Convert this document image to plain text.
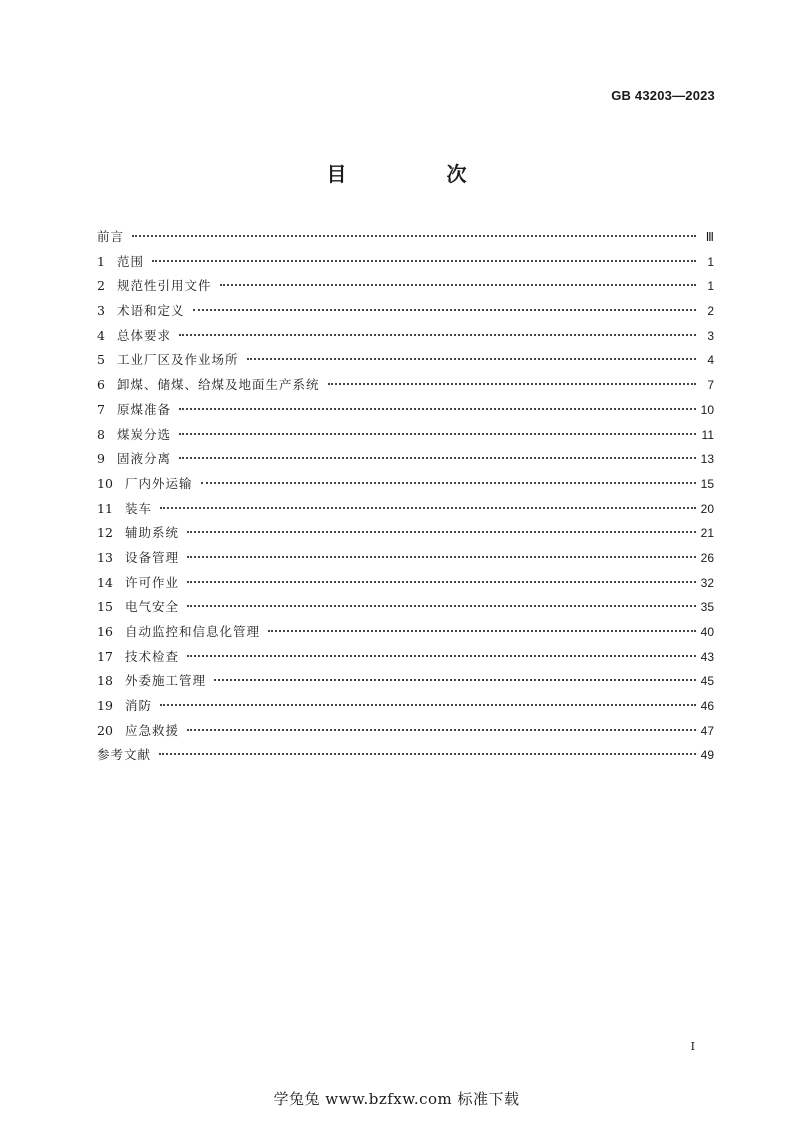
GB 43203—2023
目　次
前言	Ⅲ
1 范围	1
2 规范性引用文件	1
3 术语和定义	2
4 总体要求	3
5 工业厂区及作业场所	4
6 卸煤、储煤、给煤及地面生产系统	7
7 原煤准备	10
8 煤炭分选	11
9 固液分离	13
10 厂内外运输	15
11 装车	20
12 辅助系统	21
13 设备管理	26
14 许可作业	32
15 电气安全	35
16 自动监控和信息化管理	40
17 技术检查	43
18 外委施工管理	45
19 消防	46
20 应急救援	47
参考文献	49
I
学兔兔 www.bzfxw.com 标准下载
